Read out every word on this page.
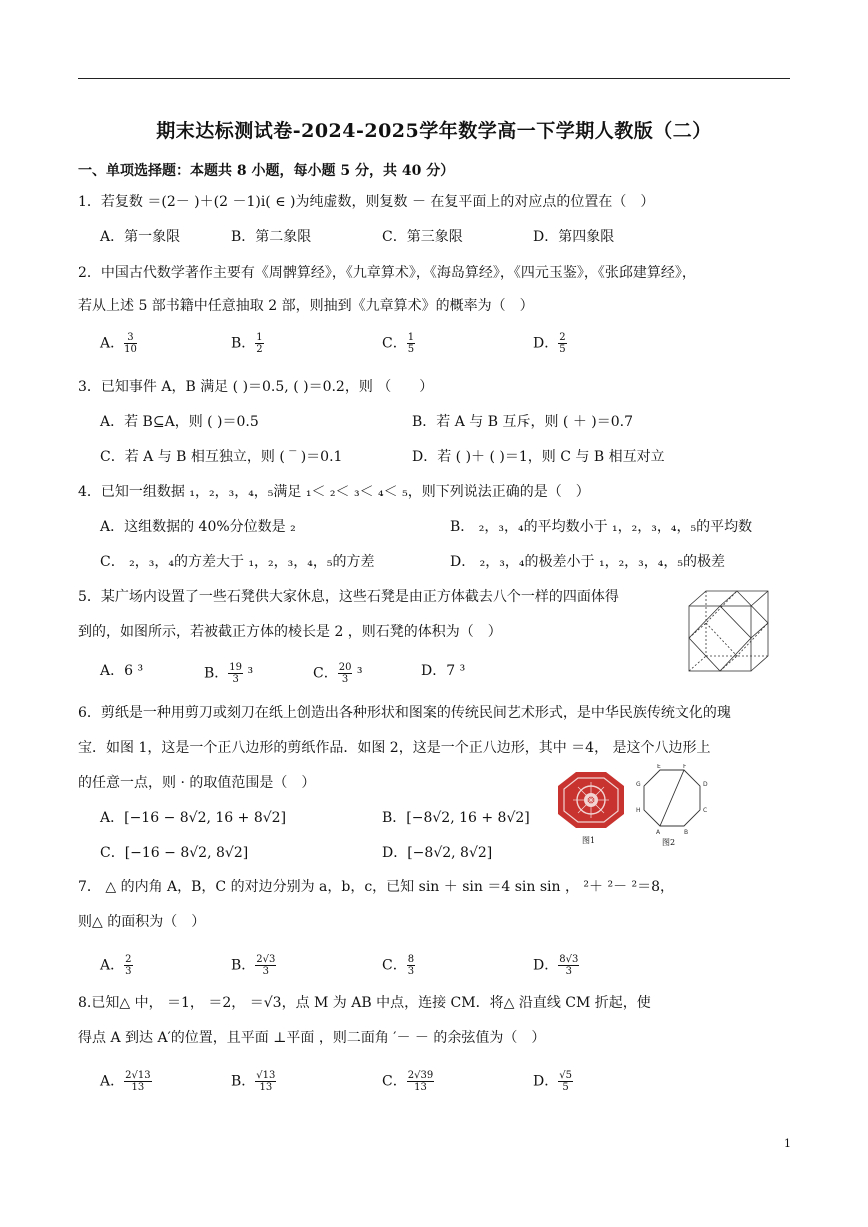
期末达标测试卷-2024-2025学年数学高一下学期人教版（二）
一、单项选择题：本题共 8 小题，每小题 5 分，共 40 分）
1．若复数 ＝(2－ )＋(2 －1)i( ∈ )为纯虚数，则复数 － 在复平面上的对应点的位置在（　）
A．第一象限	B．第二象限	C．第三象限	D．第四象限
2．中国古代数学著作主要有《周髀算经》，《九章算术》，《海岛算经》，《四元玉鉴》，《张邱建算经》，
若从上述 5 部书籍中任意抽取 2 部，则抽到《九章算术》的概率为（　）
A． $\frac{3}{10}$	B． $\frac{1}{2}$	C． $\frac{1}{5}$	D． $\frac{2}{5}$
3．已知事件 A，B 满足 ( )＝0.5, ( )＝0.2，则 （　　）
A．若 B⊆A，则 ( )＝0.5	B．若 A 与 B 互斥，则 ( ＋ )＝0.7
C．若 A 与 B 相互独立，则 ( ‾ )＝0.1	D．若 ( )＋ ( )＝1，则 C 与 B 相互对立
4．已知一组数据 ₁，₂，₃，₄，₅满足 ₁＜ ₂＜ ₃＜ ₄＜ ₅，则下列说法正确的是（　）
A．这组数据的 40%分位数是 ₂	B． ₂，₃，₄的平均数小于 ₁，₂，₃，₄，₅的平均数
C． ₂，₃，₄的方差大于 ₁，₂，₃，₄，₅的方差	D． ₂，₃，₄的极差小于 ₁，₂，₃，₄，₅的极差
5．某广场内设置了一些石凳供大家休息，这些石凳是由正方体截去八个一样的四面体得
到的，如图所示，若被截正方体的棱长是 2 ，则石凳的体积为（　）
A．6 ³	B． $\frac{19}{3} ^3$	C． $\frac{20}{3} ^3$	D．7 ³
6．剪纸是一种用剪刀或刻刀在纸上创造出各种形状和图案的传统民间艺术形式，是中华民族传统文化的瑰
宝．如图 1，这是一个正八边形的剪纸作品．如图 2，这是一个正八边形，其中 ＝4， 是这个八边形上
的任意一点，则 · 的取值范围是（　）
A．[−16 − 8√2, 16 + 8√2]	B．[−8√2, 16 + 8√2]
C．[−16 − 8√2, 8√2]	D．[−8√2, 8√2]
图1
E	F
G	D
H	C
A	B
图2
7． △ 的内角 A，B，C 的对边分别为 a，b，c，已知 sin ＋ sin ＝4 sin sin ， ²＋ ²－ ²＝8，
则△ 的面积为（　）
A． $\frac{2}{3}$	B． $\frac{2√3}{3}$	C． $\frac{8}{3}$	D． $\frac{8√3}{3}$
8.已知△ 中， ＝1， ＝2， ＝√3，点 M 为 AB 中点，连接 CM．将△ 沿直线 CM 折起，使
得点 A 到达 A′的位置，且平面 ⊥平面 ，则二面角 ′－ － 的余弦值为（　）
A． $\frac{2√13}{13}$	B． $\frac{√13}{13}$	C． $\frac{2√39}{13}$	D． $\frac{√5}{5}$
1
